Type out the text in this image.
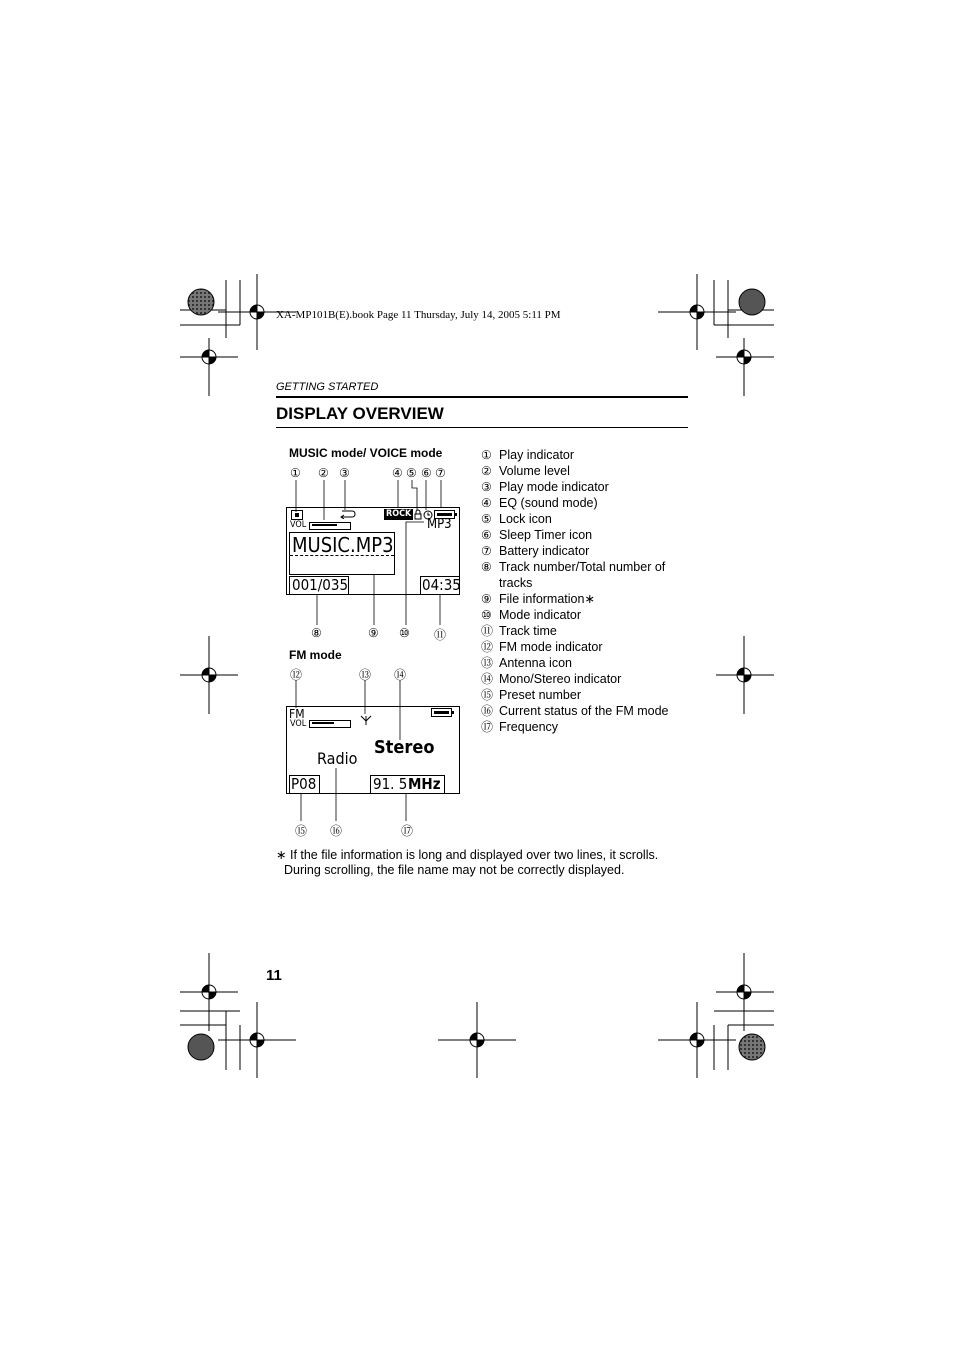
XA-MP101B(E).book Page 11 Thursday, July 14, 2005 5:11 PM
GETTING STARTED
DISPLAY OVERVIEW
MUSIC mode/ VOICE mode
① ② ③	④ ⑤ ⑥ ⑦
ROCK
VOL	MP3
MUSIC.MP3
001/035	04:35
⑧	⑨ ⑩ ⑪
FM mode
⑫	⑬ ⑭
FM
VOL
Stereo
Radio
P08	91. 5 MHz
⑮ ⑯	⑰
① Play indicator
② Volume level
③ Play mode indicator
④ EQ (sound mode)
⑤ Lock icon
⑥ Sleep Timer icon
⑦ Battery indicator
⑧ Track number/Total number of tracks
⑨ File information∗
⑩ Mode indicator
⑪ Track time
⑫ FM mode indicator
⑬ Antenna icon
⑭ Mono/Stereo indicator
⑮ Preset number
⑯ Current status of the FM mode
⑰ Frequency
∗ If the file information is long and displayed over two lines, it scrolls.
During scrolling, the file name may not be correctly displayed.
11
